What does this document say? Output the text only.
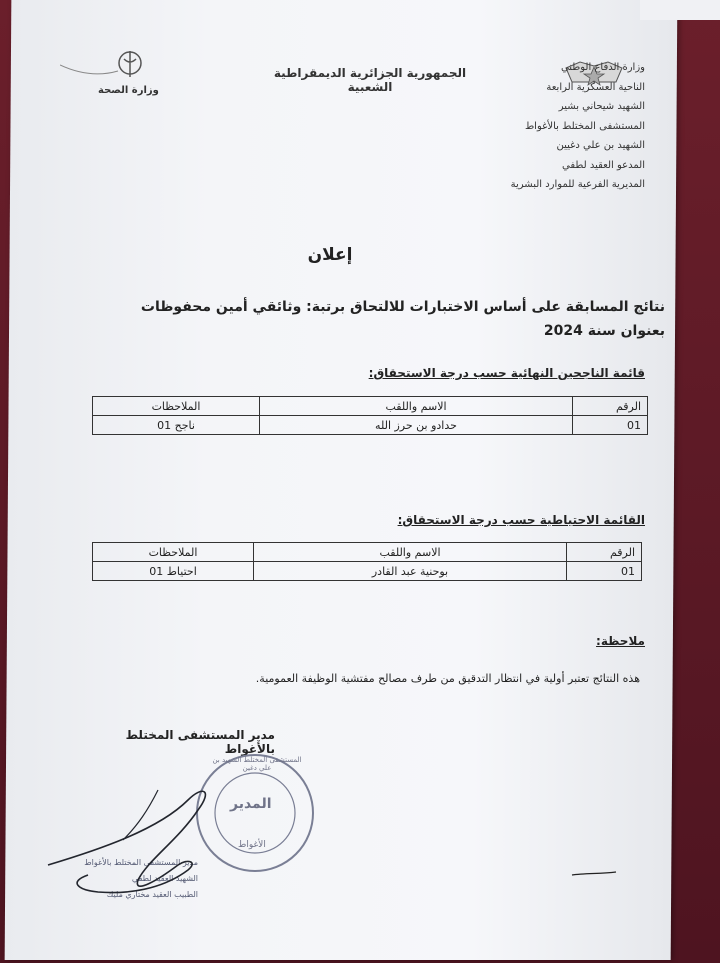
وزارة الصحة
الجمهورية الجزائرية الديمقراطية الشعبية
وزارة الدفاع الوطني
الناحية العسكرية الرابعة
الشهيد شيحاني بشير
المستشفى المختلط بالأغواط
الشهيد بن علي دغيين
المدعو العقيد لطفي
المديرية الفرعية للموارد البشرية
إعلان
نتائج المسابقة على أساس الاختبارات للالتحاق برتبة: وثائقي أمين محفوظات
بعنوان سنة 2024
قائمة الناجحين النهائية حسب درجة الاستحقاق:
الرقم	الاسم واللقب	الملاحظات
01	حدادو بن حرز الله	ناجح 01
القائمة الاحتياطية حسب درجة الاستحقاق:
الرقم	الاسم واللقب	الملاحظات
01	بوحنية عبد القادر	احتياط 01
ملاحظة:
هذه النتائج تعتبر أولية في انتظار التدقيق من طرف مصالح مفتشية الوظيفة العمومية.
مدير المستشفى المختلط بالأغواط
المدير
الأغواط
المستشفى المختلط الشهيد بن علي دغين
مدير المستشفى المختلط بالأغواط
الشهيد العقيد لطفي
الطبيب العقيد مختاري مليك
